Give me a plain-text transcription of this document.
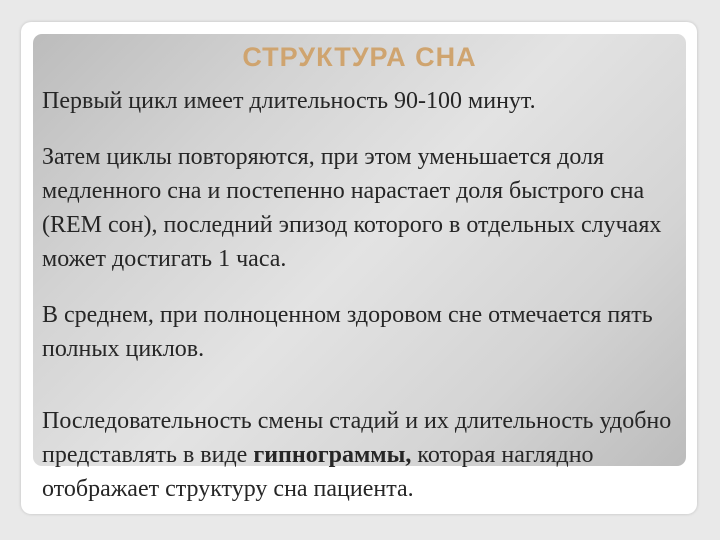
СТРУКТУРА СНА

Первый цикл имеет длительность 90-100 минут.

Затем циклы повторяются, при этом уменьшается доля медленного сна и постепенно нарастает доля быстрого сна (REM сон), последний эпизод которого в отдельных случаях может достигать 1 часа.

В среднем, при полноценном здоровом сне отмечается пять полных циклов.

Последовательность смены стадий и их длительность удобно представлять в виде гипнограммы, которая наглядно отображает структуру сна пациента.
